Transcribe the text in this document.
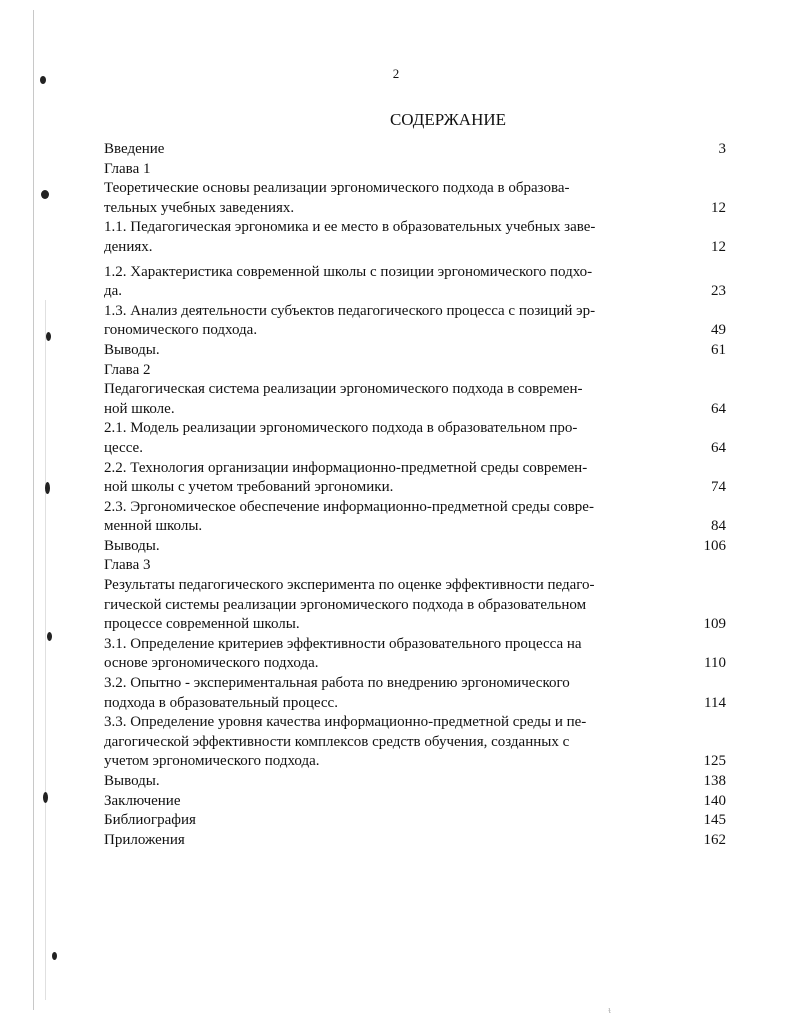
2
СОДЕРЖАНИЕ
Введение	3
Глава 1
Теоретические основы реализации эргономического подхода в образова-
тельных учебных заведениях.	12
1.1. Педагогическая эргономика и ее место в образовательных учебных заве-
дениях.	12
1.2. Характеристика современной школы с позиции эргономического подхо-
да.	23
1.3. Анализ деятельности субъектов педагогического процесса с позиций эр-
гономического подхода.	49
Выводы.	61
Глава 2
Педагогическая система реализации эргономического подхода в современ-
ной школе.	64
2.1. Модель реализации эргономического подхода в образовательном про-
цессе.	64
2.2. Технология организации информационно-предметной среды современ-
ной школы с учетом требований эргономики.	74
2.3. Эргономическое обеспечение информационно-предметной среды совре-
менной школы.	84
Выводы.	106
Глава 3
Результаты педагогического эксперимента по оценке эффективности педаго-
гической системы реализации эргономического подхода в образовательном
процессе современной школы.	109
3.1. Определение критериев эффективности образовательного процесса на
основе эргономического подхода.	110
3.2. Опытно - экспериментальная работа по внедрению эргономического
подхода в образовательный процесс.	114
3.3. Определение уровня качества информационно-предметной среды и пе-
дагогической эффективности комплексов средств обучения, созданных с
учетом эргономического подхода.	125
Выводы.	138
Заключение	140
Библиография	145
Приложения	162
ᵼ
